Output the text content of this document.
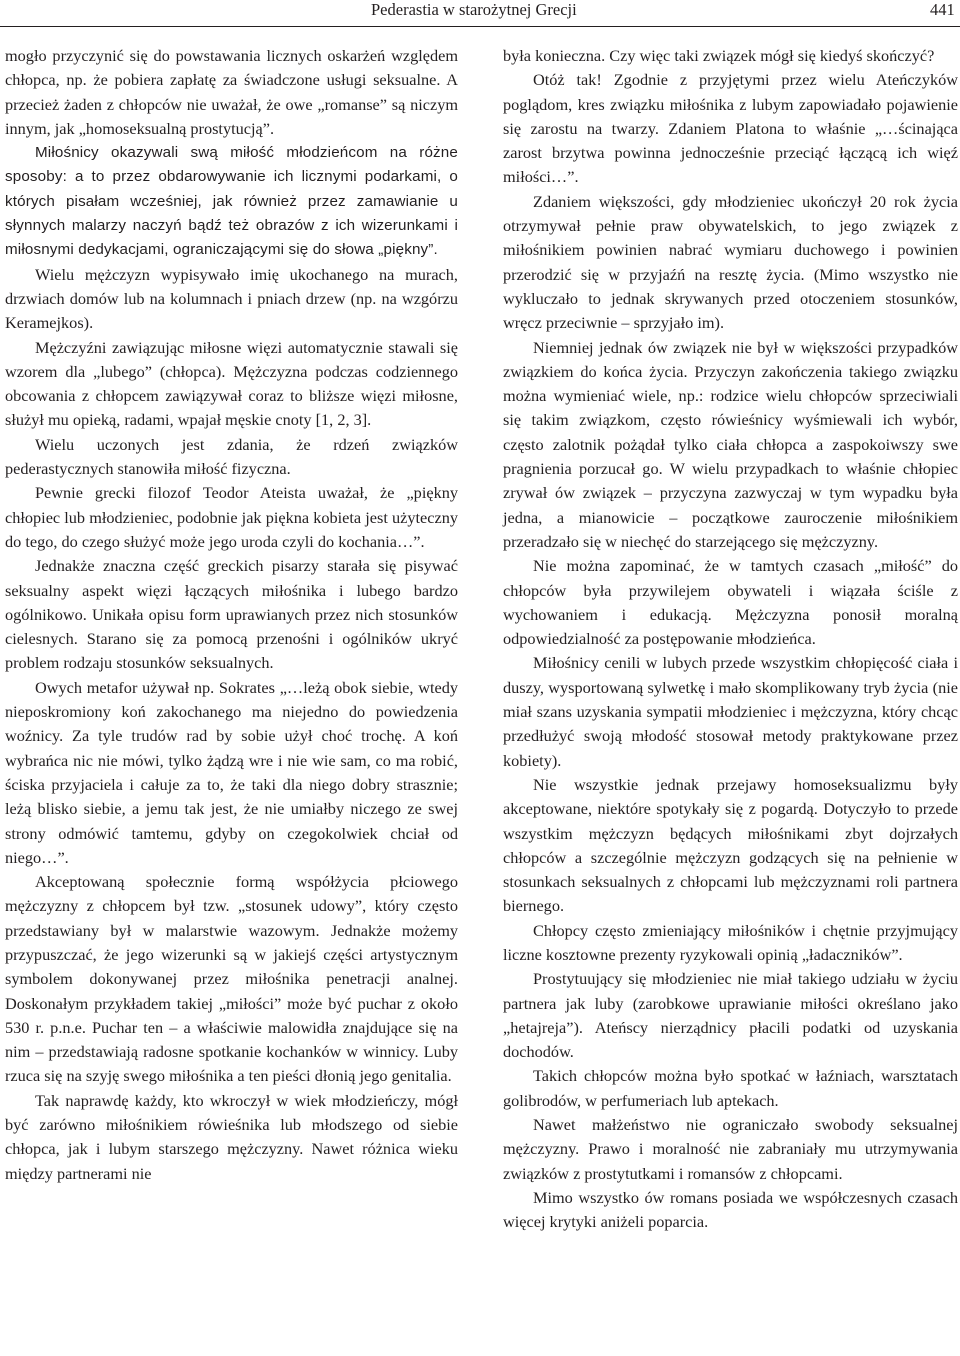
Pederastia w starożytnej Grecji	441

mogło przyczynić się do powstawania licznych oskarżeń względem chłopca, np. że pobiera zapłatę za świadczone usługi seksualne. A przecież żaden z chłopców nie uważał, że owe „romanse” są niczym innym, jak „homoseksualną prostytucją”.

Miłośnicy okazywali swą miłość młodzieńcom na różne sposoby: a to przez obdarowywanie ich licznymi podarkami, o których pisałam wcześniej, jak również przez zamawianie u słynnych malarzy naczyń bądź też obrazów z ich wizerunkami i miłosnymi dedykacjami, ograniczającymi się do słowa „piękny”.

Wielu mężczyzn wypisywało imię ukochanego na murach, drzwiach domów lub na kolumnach i pniach drzew (np. na wzgórzu Keramejkos).

Mężczyźni zawiązując miłosne więzi automatycznie stawali się wzorem dla „lubego” (chłopca). Mężczyzna podczas codziennego obcowania z chłopcem zawiązywał coraz to bliższe więzi miłosne, służył mu opieką, radami, wpajał męskie cnoty [1, 2, 3].

Wielu uczonych jest zdania, że rdzeń związków pederastycznych stanowiła miłość fizyczna.

Pewnie grecki filozof Teodor Ateista uważał, że „piękny chłopiec lub młodzieniec, podobnie jak piękna kobieta jest użyteczny do tego, do czego służyć może jego uroda czyli do kochania…”.

Jednakże znaczna część greckich pisarzy starała się pisywać seksualny aspekt więzi łączących miłośnika i lubego bardzo ogólnikowo. Unikała opisu form uprawianych przez nich stosunków cielesnych. Starano się za pomocą przenośni i ogólników ukryć problem rodzaju stosunków seksualnych.

Owych metafor używał np. Sokrates „…leżą obok siebie, wtedy nieposkromiony koń zakochanego ma niejedno do powiedzenia woźnicy. Za tyle trudów rad by sobie użył choć trochę. A koń wybrańca nic nie mówi, tylko żądzą wre i nie wie sam, co ma robić, ściska przyjaciela i całuje za to, że taki dla niego dobry strasznie; leżą blisko siebie, a jemu tak jest, że nie umiałby niczego ze swej strony odmówić tamtemu, gdyby on czegokolwiek chciał od niego…”.

Akceptowaną społecznie formą współżycia płciowego mężczyzny z chłopcem był tzw. „stosunek udowy”, który często przedstawiany był w malarstwie wazowym. Jednakże możemy przypuszczać, że jego wizerunki są w jakiejś części artystycznym symbolem dokonywanej przez miłośnika penetracji analnej. Doskonałym przykładem takiej „miłości” może być puchar z około 530 r. p.n.e. Puchar ten – a właściwie malowidła znajdujące się na nim – przedstawiają radosne spotkanie kochanków w winnicy. Luby rzuca się na szyję swego miłośnika a ten pieści dłonią jego genitalia.

Tak naprawdę każdy, kto wkroczył w wiek młodzieńczy, mógł być zarówno miłośnikiem rówieśnika lub młodszego od siebie chłopca, jak i lubym starszego mężczyzny. Nawet różnica wieku między partnerami nie

była konieczna. Czy więc taki związek mógł się kiedyś skończyć?

Otóż tak! Zgodnie z przyjętymi przez wielu Ateńczyków poglądom, kres związku miłośnika z lubym zapowiadało pojawienie się zarostu na twarzy. Zdaniem Platona to właśnie „…ścinająca zarost brzytwa powinna jednocześnie przeciąć łączącą ich więź miłości…”.

Zdaniem większości, gdy młodzieniec ukończył 20 rok życia otrzymywał pełnie praw obywatelskich, to jego związek z miłośnikiem powinien nabrać wymiaru duchowego i powinien przerodzić się w przyjaźń na resztę życia. (Mimo wszystko nie wykluczało to jednak skrywanych przed otoczeniem stosunków, wręcz przeciwnie – sprzyjało im).

Niemniej jednak ów związek nie był w większości przypadków związkiem do końca życia. Przyczyn zakończenia takiego związku można wymieniać wiele, np.: rodzice wielu chłopców sprzeciwiali się takim związkom, często rówieśnicy wyśmiewali ich wybór, często zalotnik pożądał tylko ciała chłopca a zaspokoiwszy swe pragnienia porzucał go. W wielu przypadkach to właśnie chłopiec zrywał ów związek – przyczyna zazwyczaj w tym wypadku była jedna, a mianowicie – początkowe zauroczenie miłośnikiem przeradzało się w niechęć do starzejącego się mężczyzny.

Nie można zapominać, że w tamtych czasach „miłość” do chłopców była przywilejem obywateli i wiązała ściśle z wychowaniem i edukacją. Mężczyzna ponosił moralną odpowiedzialność za postępowanie młodzieńca.

Miłośnicy cenili w lubych przede wszystkim chłopięcość ciała i duszy, wysportowaną sylwetkę i mało skomplikowany tryb życia (nie miał szans uzyskania sympatii młodzieniec i mężczyzna, który chcąc przedłużyć swoją młodość stosował metody praktykowane przez kobiety).

Nie wszystkie jednak przejawy homoseksualizmu były akceptowane, niektóre spotykały się z pogardą. Dotyczyło to przede wszystkim mężczyzn będących miłośnikami zbyt dojrzałych chłopców a szczególnie mężczyzn godzących się na pełnienie w stosunkach seksualnych z chłopcami lub mężczyznami roli partnera biernego.

Chłopcy często zmieniający miłośników i chętnie przyjmujący liczne kosztowne prezenty ryzykowali opinią „ładaczników”.

Prostytuujący się młodzieniec nie miał takiego udziału w życiu partnera jak luby (zarobkowe uprawianie miłości określano jako „hetajreja”). Ateńscy nierządnicy płacili podatki od uzyskania dochodów.

Takich chłopców można było spotkać w łaźniach, warsztatach golibrodów, w perfumeriach lub aptekach.

Nawet małżeństwo nie ograniczało swobody seksualnej mężczyzny. Prawo i moralność nie zabraniały mu utrzymywania związków z prostytutkami i romansów z chłopcami.

Mimo wszystko ów romans posiada we współczesnych czasach więcej krytyki aniżeli poparcia.
